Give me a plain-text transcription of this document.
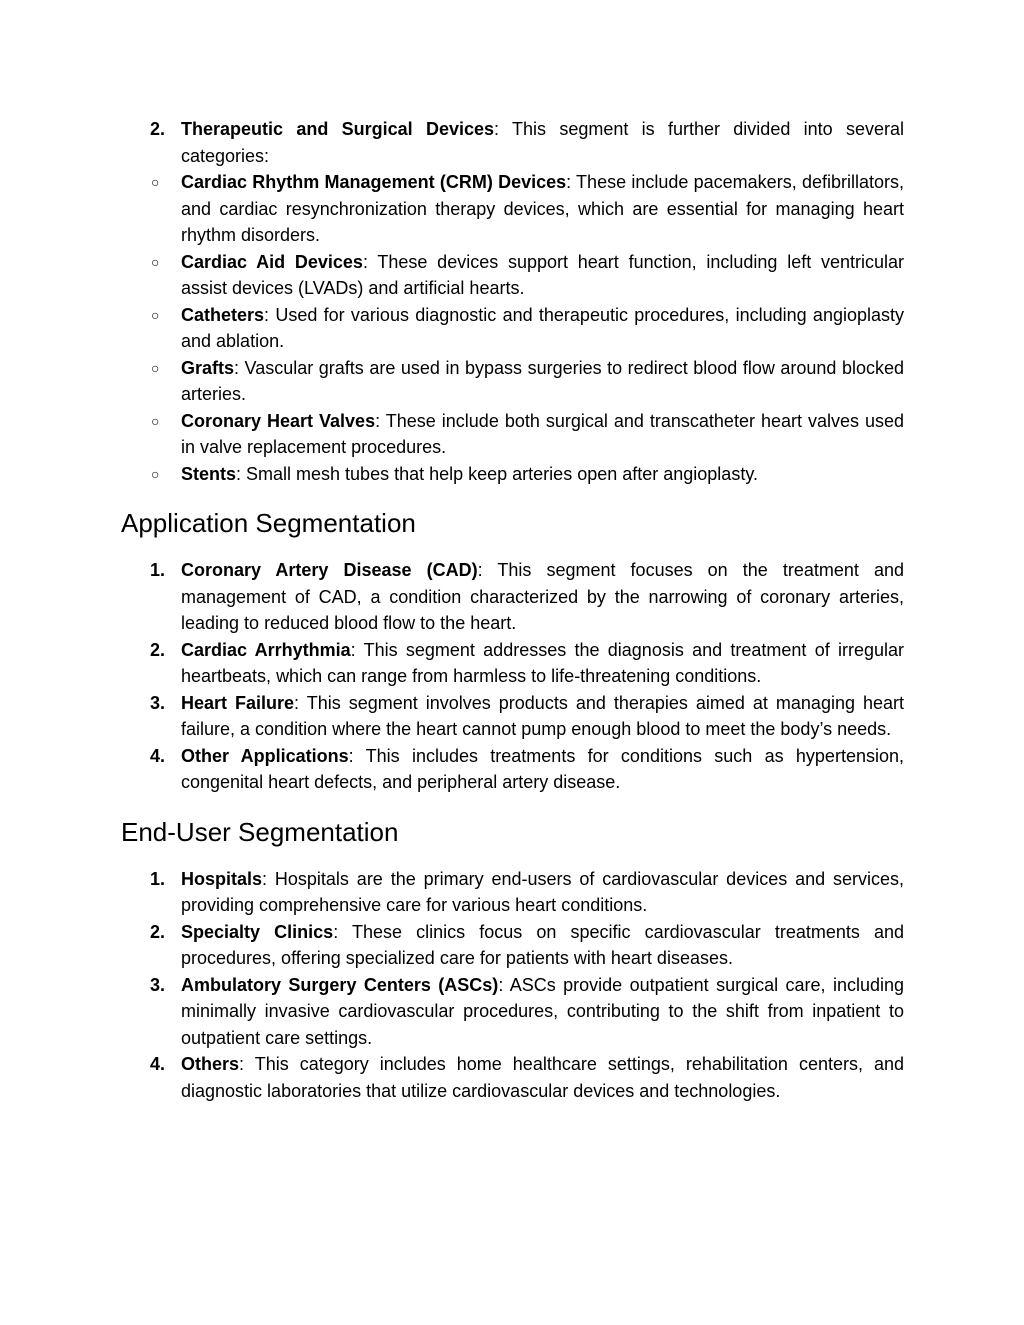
2. Therapeutic and Surgical Devices: This segment is further divided into several categories:
○ Cardiac Rhythm Management (CRM) Devices: These include pacemakers, defibrillators, and cardiac resynchronization therapy devices, which are essential for managing heart rhythm disorders.
○ Cardiac Aid Devices: These devices support heart function, including left ventricular assist devices (LVADs) and artificial hearts.
○ Catheters: Used for various diagnostic and therapeutic procedures, including angioplasty and ablation.
○ Grafts: Vascular grafts are used in bypass surgeries to redirect blood flow around blocked arteries.
○ Coronary Heart Valves: These include both surgical and transcatheter heart valves used in valve replacement procedures.
○ Stents: Small mesh tubes that help keep arteries open after angioplasty.
Application Segmentation
1. Coronary Artery Disease (CAD): This segment focuses on the treatment and management of CAD, a condition characterized by the narrowing of coronary arteries, leading to reduced blood flow to the heart.
2. Cardiac Arrhythmia: This segment addresses the diagnosis and treatment of irregular heartbeats, which can range from harmless to life-threatening conditions.
3. Heart Failure: This segment involves products and therapies aimed at managing heart failure, a condition where the heart cannot pump enough blood to meet the body’s needs.
4. Other Applications: This includes treatments for conditions such as hypertension, congenital heart defects, and peripheral artery disease.
End-User Segmentation
1. Hospitals: Hospitals are the primary end-users of cardiovascular devices and services, providing comprehensive care for various heart conditions.
2. Specialty Clinics: These clinics focus on specific cardiovascular treatments and procedures, offering specialized care for patients with heart diseases.
3. Ambulatory Surgery Centers (ASCs): ASCs provide outpatient surgical care, including minimally invasive cardiovascular procedures, contributing to the shift from inpatient to outpatient care settings.
4. Others: This category includes home healthcare settings, rehabilitation centers, and diagnostic laboratories that utilize cardiovascular devices and technologies.
